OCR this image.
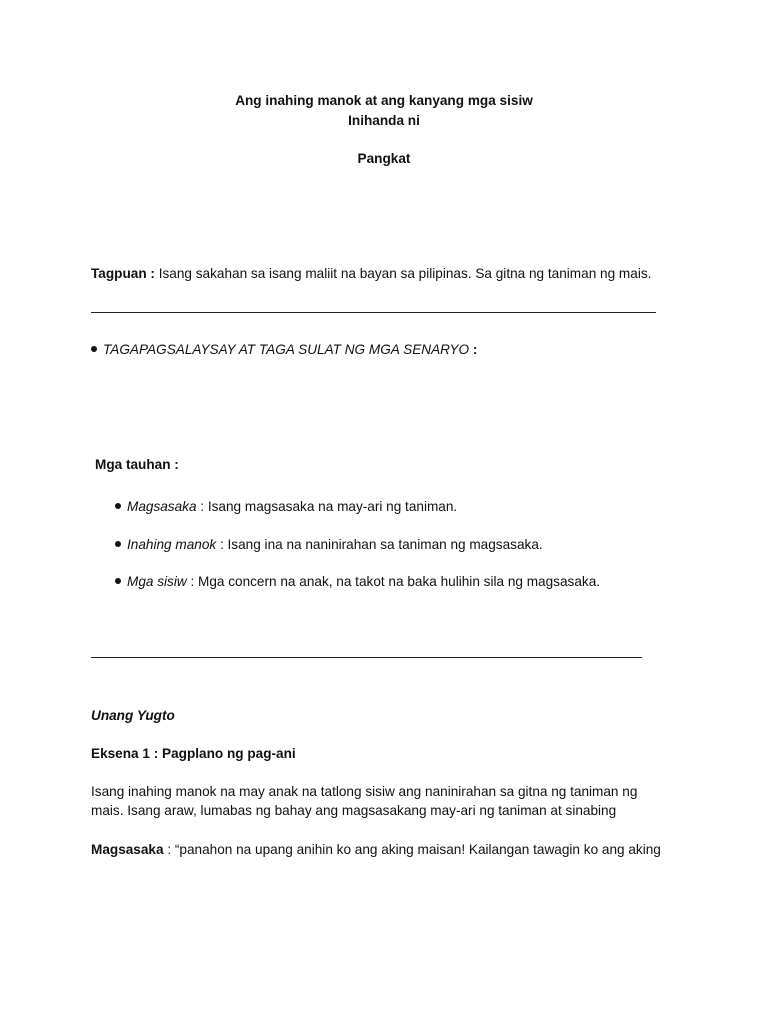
Ang inahing manok at ang kanyang mga sisiw
Inihanda ni
Pangkat
Tagpuan : Isang sakahan sa isang maliit na bayan sa pilipinas. Sa gitna ng taniman ng mais.
TAGAPAGSALAYSAY AT TAGA SULAT NG MGA SENARYO :
Mga tauhan :
Magsasaka : Isang magsasaka na may-ari ng taniman.
Inahing manok : Isang ina na naninirahan sa taniman ng magsasaka.
Mga sisiw : Mga concern na anak, na takot na baka hulihin sila ng magsasaka.
Unang Yugto
Eksena 1 : Pagplano ng pag-ani
Isang inahing manok na may anak na tatlong sisiw ang naninirahan sa gitna ng taniman ng
mais. Isang araw, lumabas ng bahay ang magsasakang may-ari ng taniman at sinabing
Magsasaka : “panahon na upang anihin ko ang aking maisan! Kailangan tawagin ko ang aking
